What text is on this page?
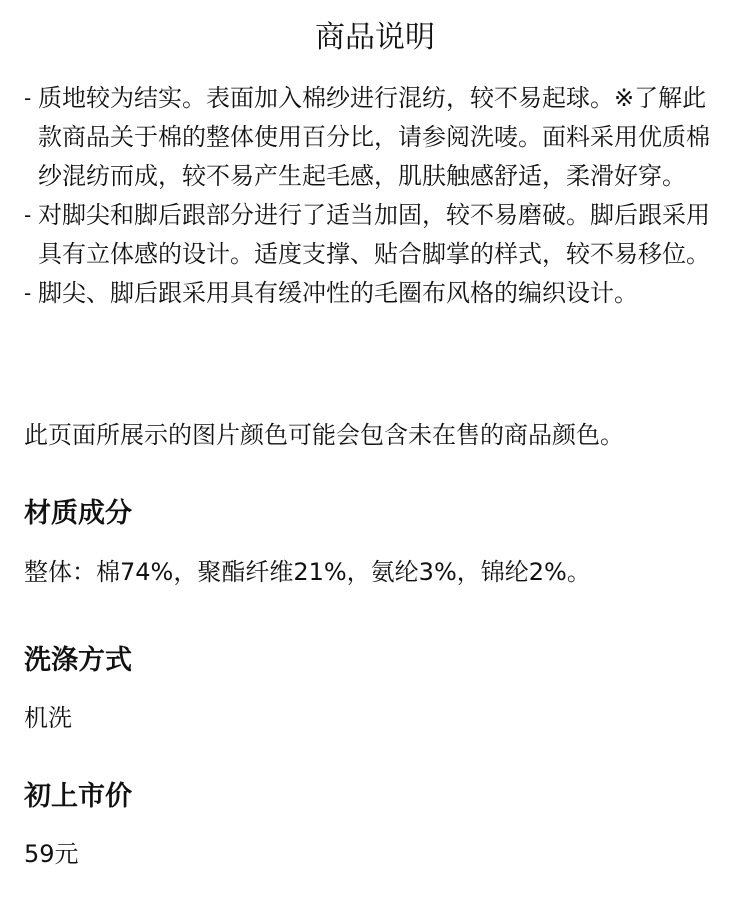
商品说明
- 质地较为结实。表面加入棉纱进行混纺，较不易起球。※了解此款商品关于棉的整体使用百分比，请参阅洗唛。面料采用优质棉纱混纺而成，较不易产生起毛感，肌肤触感舒适，柔滑好穿。
- 对脚尖和脚后跟部分进行了适当加固，较不易磨破。脚后跟采用具有立体感的设计。适度支撑、贴合脚掌的样式，较不易移位。
- 脚尖、脚后跟采用具有缓冲性的毛圈布风格的编织设计。

此页面所展示的图片颜色可能会包含未在售的商品颜色。

材质成分

整体：棉74%，聚酯纤维21%，氨纶3%，锦纶2%。

洗涤方式

机洗

初上市价

59元
